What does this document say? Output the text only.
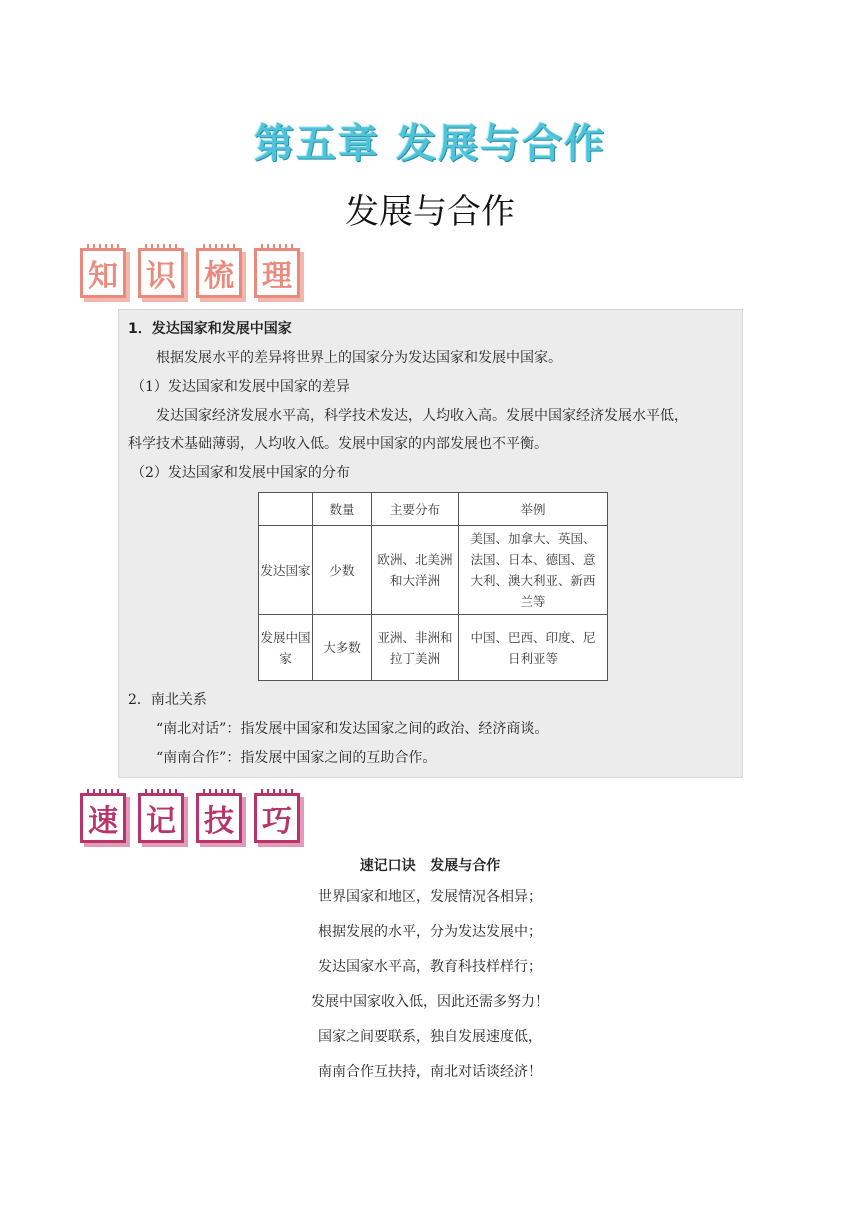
第五章 发展与合作
发展与合作
知 识 梳 理

1．发达国家和发展中国家

根据发展水平的差异将世界上的国家分为发达国家和发展中国家。

（1）发达国家和发展中国家的差异

发达国家经济发展水平高，科学技术发达，人均收入高。发展中国家经济发展水平低，

科学技术基础薄弱，人均收入低。发展中国家的内部发展也不平衡。

（2）发达国家和发展中国家的分布

	数量	主要分布	举例
发达国家	少数	欧洲、北美洲和大洋洲	美国、加拿大、英国、法国、日本、德国、意大利、澳大利亚、新西兰等
发展中国家	大多数	亚洲、非洲和拉丁美洲	中国、巴西、印度、尼日利亚等

2．南北关系

“南北对话”：指发展中国家和发达国家之间的政治、经济商谈。

“南南合作”：指发展中国家之间的互助合作。

速 记 技 巧
速记口诀   发展与合作
世界国家和地区，发展情况各相异；
根据发展的水平，分为发达发展中；
发达国家水平高，教育科技样样行；
发展中国家收入低，因此还需多努力！
国家之间要联系，独自发展速度低，
南南合作互扶持，南北对话谈经济！
